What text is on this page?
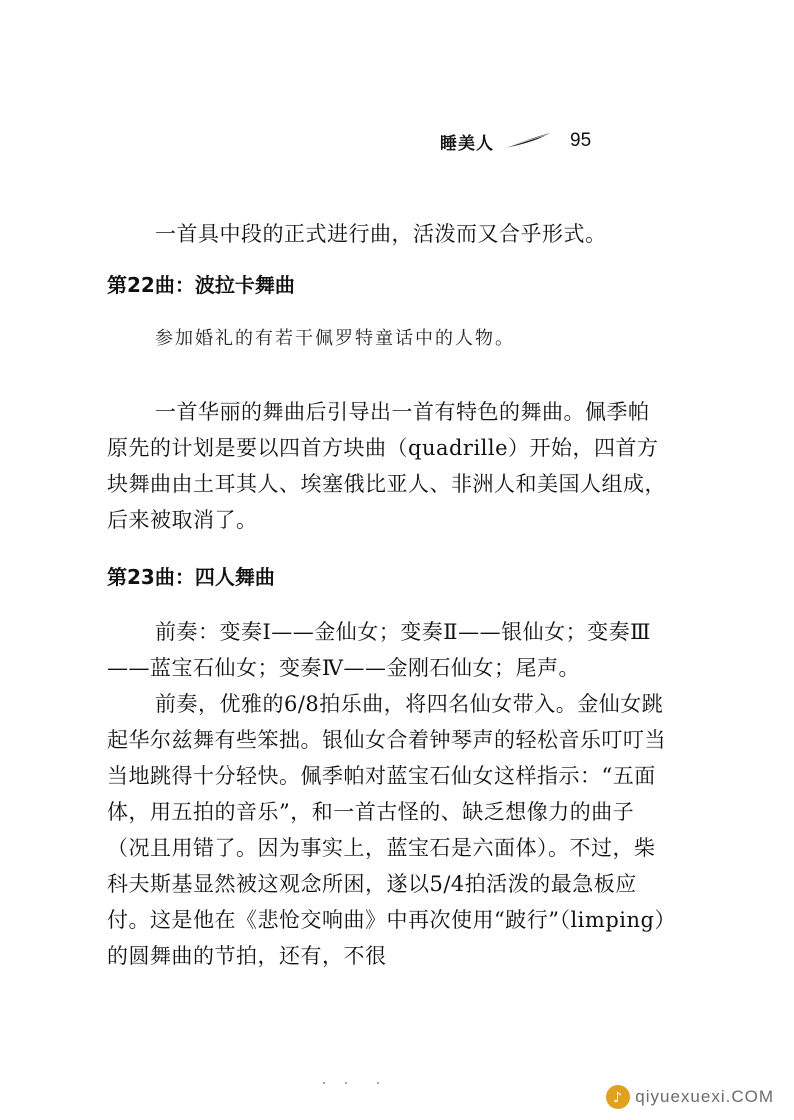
睡美人	95
一首具中段的正式进行曲，活泼而又合乎形式。
第22曲：波拉卡舞曲
参加婚礼的有若干佩罗特童话中的人物。
一首华丽的舞曲后引导出一首有特色的舞曲。佩季帕原先的计划是要以四首方块曲（quadrille）开始，四首方块舞曲由土耳其人、埃塞俄比亚人、非洲人和美国人组成，后来被取消了。
第23曲：四人舞曲
前奏：变奏Ⅰ——金仙女；变奏Ⅱ——银仙女；变奏Ⅲ——蓝宝石仙女；变奏Ⅳ——金刚石仙女；尾声。
前奏，优雅的6/8拍乐曲，将四名仙女带入。金仙女跳起华尔兹舞有些笨拙。银仙女合着钟琴声的轻松音乐叮叮当当地跳得十分轻快。佩季帕对蓝宝石仙女这样指示：“五面体，用五拍的音乐”，和一首古怪的、缺乏想像力的曲子（况且用错了。因为事实上，蓝宝石是六面体）。不过，柴科夫斯基显然被这观念所困，遂以5/4拍活泼的最急板应付。这是他在《悲怆交响曲》中再次使用“跛行”（limping）的圆舞曲的节拍，还有，不很
♪ qiyuexuexi.COM
